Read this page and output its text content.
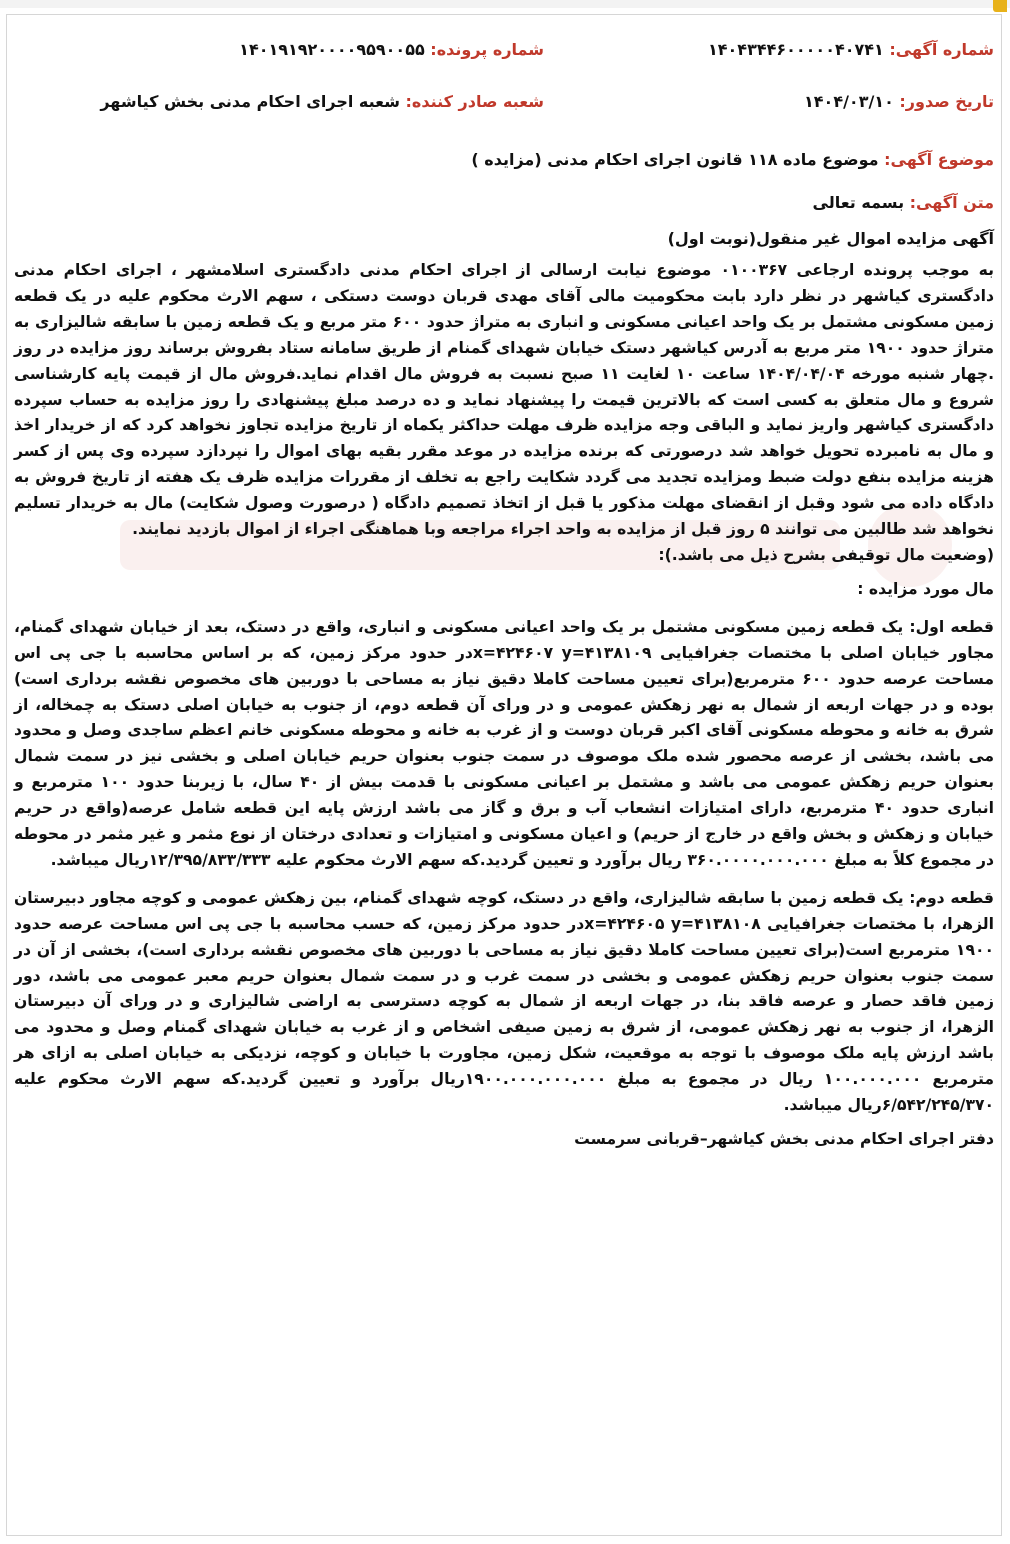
شماره آگهی: ۱۴۰۴۳۴۴۶۰۰۰۰۰۴۰۷۴۱
شماره پرونده: ۱۴۰۱۹۱۹۲۰۰۰۰۹۵۹۰۰۵۵
تاریخ صدور: ۱۴۰۴/۰۳/۱۰
شعبه صادر کننده: شعبه اجرای احکام مدنی بخش کیاشهر
موضوع آگهی: موضوع ماده ۱۱۸ قانون اجرای احکام مدنی (مزایده )
متن آگهی: بسمه تعالی
آگهی مزایده اموال غیر منقول(نوبت اول)

به موجب پرونده ارجاعی ۰۱۰۰۳۶۷ موضوع نیابت ارسالی از اجرای احکام مدنی دادگستری اسلامشهر ، اجرای احکام مدنی دادگستری کیاشهر در نظر دارد بابت محکومیت مالی آقای مهدی قربان دوست دستکی ، سهم الارث محکوم علیه در یک قطعه زمین مسکونی مشتمل بر یک واحد اعیانی مسکونی و انباری به متراژ حدود ۶۰۰ متر مربع و یک قطعه زمین با سابقه شالیزاری به متراژ حدود ۱۹۰۰ متر مربع به آدرس کیاشهر دستک خیابان شهدای گمنام از طریق سامانه ستاد بفروش برساند روز مزایده در روز .چهار شنبه مورخه ۱۴۰۴/۰۴/۰۴ ساعت ۱۰ لغایت ۱۱ صبح نسبت به فروش مال اقدام نماید.فروش مال از قیمت پایه کارشناسی شروع و مال متعلق به کسی است که بالاترین قیمت را پیشنهاد نماید و ده درصد مبلغ پیشنهادی را روز مزایده به حساب سپرده دادگستری کیاشهر واریز نماید و الباقی وجه مزایده ظرف مهلت حداکثر یکماه از تاریخ مزایده تجاوز نخواهد کرد که از خریدار اخذ و مال به نامبرده تحویل خواهد شد درصورتی که برنده مزایده در موعد مقرر بقیه بهای اموال را نپردازد سپرده وی پس از کسر هزینه مزایده بنفع دولت ضبط ومزایده تجدید می گردد شکایت راجع به تخلف از مقررات مزایده ظرف یک هفته از تاریخ فروش به دادگاه داده می شود وقبل از انقضای مهلت مذکور یا قبل از اتخاذ تصمیم دادگاه ( درصورت وصول شکایت) مال به خریدار تسلیم نخواهد شد طالبین می توانند ۵ روز قبل از مزایده به واحد اجراء مراجعه وبا هماهنگی اجراء از اموال بازدید نمایند.

(وضعیت مال توقیفی بشرح ذیل می باشد.):

مال مورد مزایده :

قطعه اول: یک قطعه زمین مسکونی مشتمل بر یک واحد اعیانی مسکونی و انباری، واقع در دستک، بعد از خیابان شهدای گمنام، مجاور خیابان اصلی با مختصات جغرافیایی x=۴۲۴۶۰۷ y=۴۱۳۸۱۰۹در حدود مرکز زمین، که بر اساس محاسبه با جی پی اس مساحت عرصه حدود ۶۰۰ مترمربع(برای تعیین مساحت کاملا دقیق نیاز به مساحی با دوربین های مخصوص نقشه برداری است) بوده و در جهات اربعه از شمال به نهر زهکش عمومی و در ورای آن قطعه دوم، از جنوب به خیابان اصلی دستک به چمخاله، از شرق به خانه و محوطه مسکونی آقای اکبر قربان دوست و از غرب به خانه و محوطه مسکونی خانم اعظم ساجدی وصل و محدود می باشد، بخشی از عرصه محصور شده ملک موصوف در سمت جنوب بعنوان حریم خیابان اصلی و بخشی نیز در سمت شمال بعنوان حریم زهکش عمومی می باشد و مشتمل بر اعیانی مسکونی با قدمت بیش از ۴۰ سال، با زیربنا حدود ۱۰۰ مترمربع و انباری حدود ۴۰ مترمربع، دارای امتیازات انشعاب آب و برق و گاز می باشد ارزش پایه این قطعه شامل عرصه(واقع در حریم خیابان و زهکش و بخش واقع در خارج از حریم) و اعیان مسکونی و امتیازات و تعدادی درختان از نوع مثمر و غیر مثمر در محوطه در مجموع کلاً به مبلغ ۳۶۰.۰۰۰۰.۰۰۰.۰۰۰ ریال برآورد و تعیین گردید.که سهم الارث محکوم علیه ۱۲/۳۹۵/۸۳۳/۳۳۳ریال میباشد.

قطعه دوم: یک قطعه زمین با سابقه شالیزاری، واقع در دستک، کوچه شهدای گمنام، بین زهکش عمومی و کوچه مجاور دبیرستان الزهرا، با مختصات جغرافیایی x=۴۲۴۶۰۵ y=۴۱۳۸۱۰۸در حدود مرکز زمین، که حسب محاسبه با جی پی اس مساحت عرصه حدود ۱۹۰۰ مترمربع است(برای تعیین مساحت کاملا دقیق نیاز به مساحی با دوربین های مخصوص نقشه برداری است)، بخشی از آن در سمت جنوب بعنوان حریم زهکش عمومی و بخشی در سمت غرب و در سمت شمال بعنوان حریم معبر عمومی می باشد، دور زمین فاقد حصار و عرصه فاقد بنا، در جهات اربعه از شمال به کوچه دسترسی به اراضی شالیزاری و در ورای آن دبیرستان الزهرا، از جنوب به نهر زهکش عمومی، از شرق به زمین صیفی اشخاص و از غرب به خیابان شهدای گمنام وصل و محدود می باشد ارزش پایه ملک موصوف با توجه به موقعیت، شکل زمین، مجاورت با خیابان و کوچه، نزدیکی به خیابان اصلی به ازای هر مترمربع ۱۰۰.۰۰۰.۰۰۰ ریال در مجموع به مبلغ ۱۹۰۰.۰۰۰.۰۰۰.۰۰۰ریال برآورد و تعیین گردید.که سهم الارث محکوم علیه ۶/۵۴۲/۲۴۵/۳۷۰ریال میباشد.

دفتر اجرای احکام مدنی بخش کیاشهر–قربانی سرمست
